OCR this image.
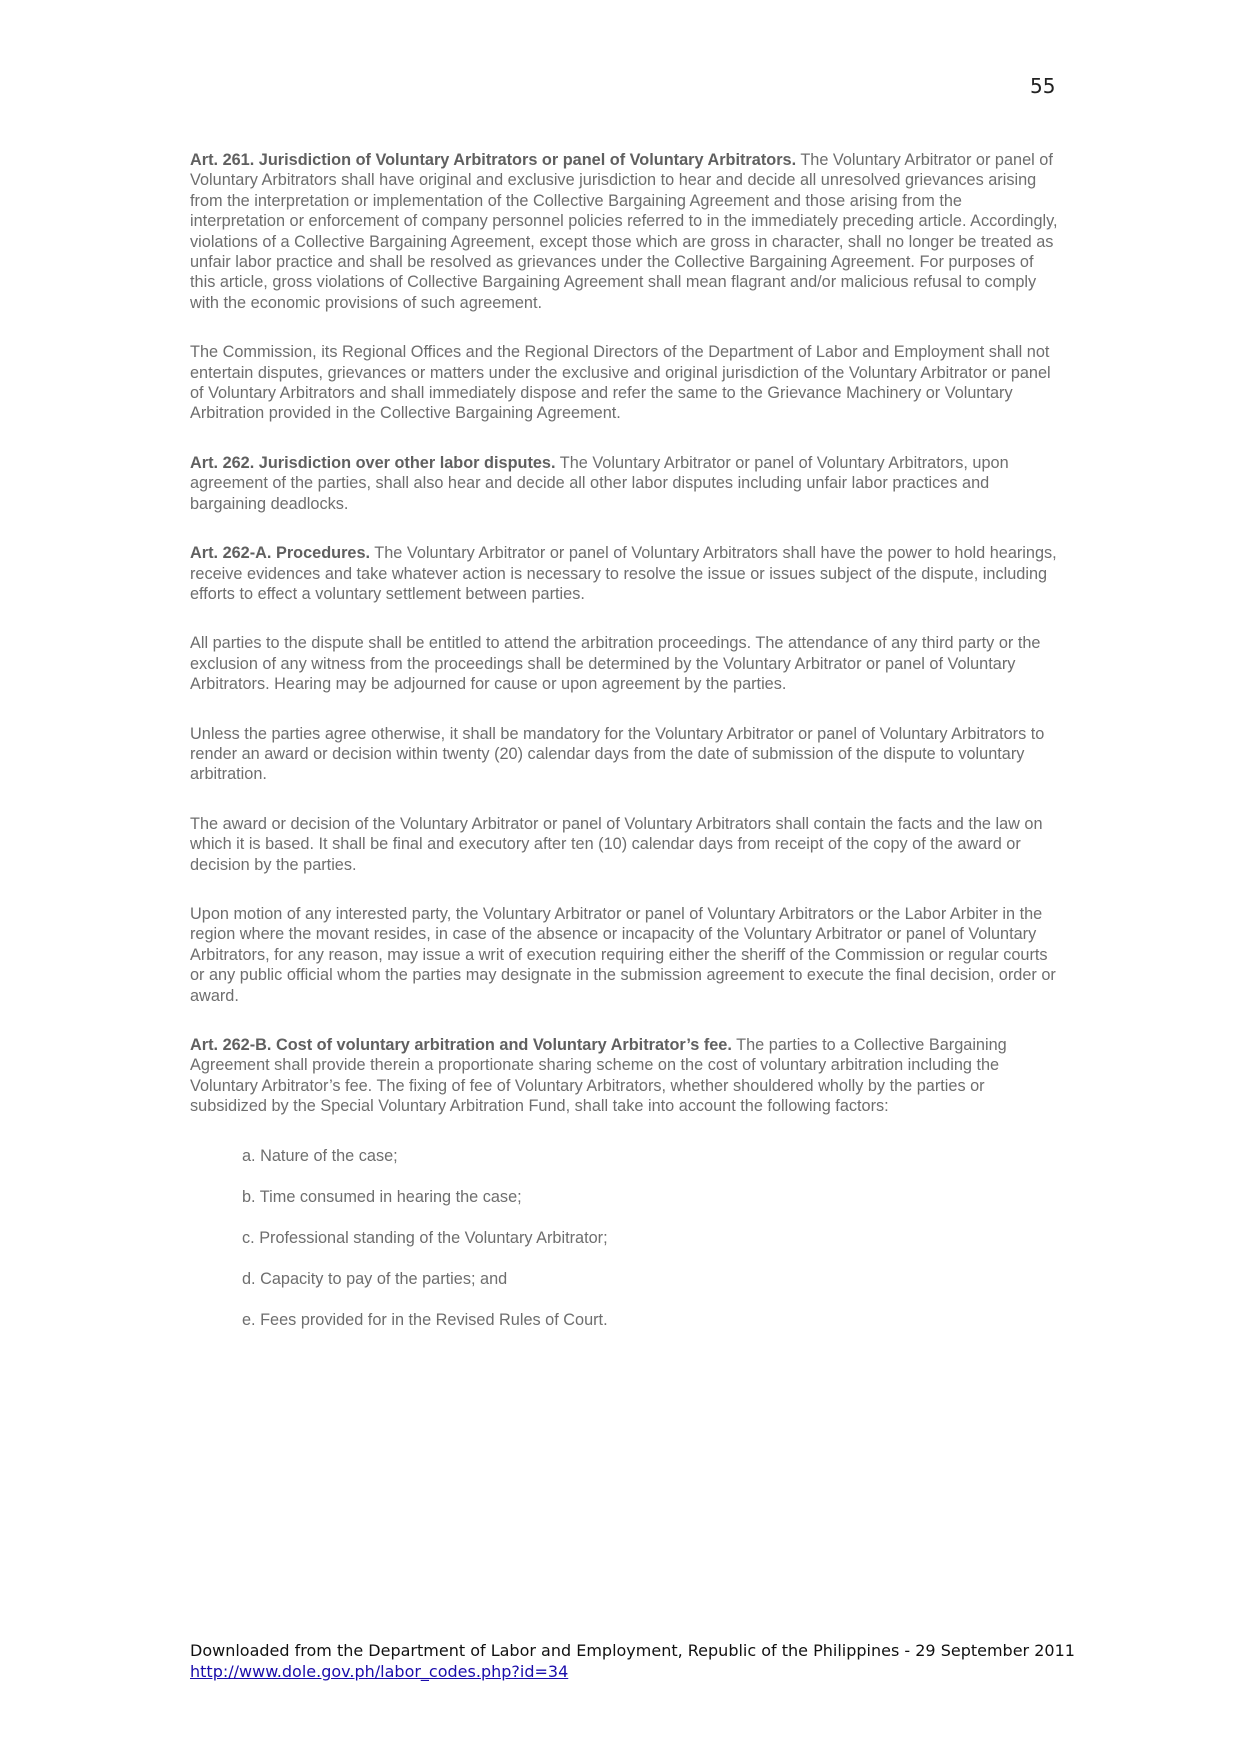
55

Art. 261. Jurisdiction of Voluntary Arbitrators or panel of Voluntary Arbitrators. The Voluntary Arbitrator or panel of Voluntary Arbitrators shall have original and exclusive jurisdiction to hear and decide all unresolved grievances arising from the interpretation or implementation of the Collective Bargaining Agreement and those arising from the interpretation or enforcement of company personnel policies referred to in the immediately preceding article. Accordingly, violations of a Collective Bargaining Agreement, except those which are gross in character, shall no longer be treated as unfair labor practice and shall be resolved as grievances under the Collective Bargaining Agreement. For purposes of this article, gross violations of Collective Bargaining Agreement shall mean flagrant and/or malicious refusal to comply with the economic provisions of such agreement.

The Commission, its Regional Offices and the Regional Directors of the Department of Labor and Employment shall not entertain disputes, grievances or matters under the exclusive and original jurisdiction of the Voluntary Arbitrator or panel of Voluntary Arbitrators and shall immediately dispose and refer the same to the Grievance Machinery or Voluntary Arbitration provided in the Collective Bargaining Agreement.

Art. 262. Jurisdiction over other labor disputes. The Voluntary Arbitrator or panel of Voluntary Arbitrators, upon agreement of the parties, shall also hear and decide all other labor disputes including unfair labor practices and bargaining deadlocks.

Art. 262-A. Procedures. The Voluntary Arbitrator or panel of Voluntary Arbitrators shall have the power to hold hearings, receive evidences and take whatever action is necessary to resolve the issue or issues subject of the dispute, including efforts to effect a voluntary settlement between parties.

All parties to the dispute shall be entitled to attend the arbitration proceedings. The attendance of any third party or the exclusion of any witness from the proceedings shall be determined by the Voluntary Arbitrator or panel of Voluntary Arbitrators. Hearing may be adjourned for cause or upon agreement by the parties.

Unless the parties agree otherwise, it shall be mandatory for the Voluntary Arbitrator or panel of Voluntary Arbitrators to render an award or decision within twenty (20) calendar days from the date of submission of the dispute to voluntary arbitration.

The award or decision of the Voluntary Arbitrator or panel of Voluntary Arbitrators shall contain the facts and the law on which it is based. It shall be final and executory after ten (10) calendar days from receipt of the copy of the award or decision by the parties.

Upon motion of any interested party, the Voluntary Arbitrator or panel of Voluntary Arbitrators or the Labor Arbiter in the region where the movant resides, in case of the absence or incapacity of the Voluntary Arbitrator or panel of Voluntary Arbitrators, for any reason, may issue a writ of execution requiring either the sheriff of the Commission or regular courts or any public official whom the parties may designate in the submission agreement to execute the final decision, order or award.

Art. 262-B. Cost of voluntary arbitration and Voluntary Arbitrator’s fee. The parties to a Collective Bargaining Agreement shall provide therein a proportionate sharing scheme on the cost of voluntary arbitration including the Voluntary Arbitrator’s fee. The fixing of fee of Voluntary Arbitrators, whether shouldered wholly by the parties or subsidized by the Special Voluntary Arbitration Fund, shall take into account the following factors:

a. Nature of the case;
b. Time consumed in hearing the case;
c. Professional standing of the Voluntary Arbitrator;
d. Capacity to pay of the parties; and
e. Fees provided for in the Revised Rules of Court.
Downloaded from the Department of Labor and Employment, Republic of the Philippines - 29 September 2011
http://www.dole.gov.ph/labor_codes.php?id=34
